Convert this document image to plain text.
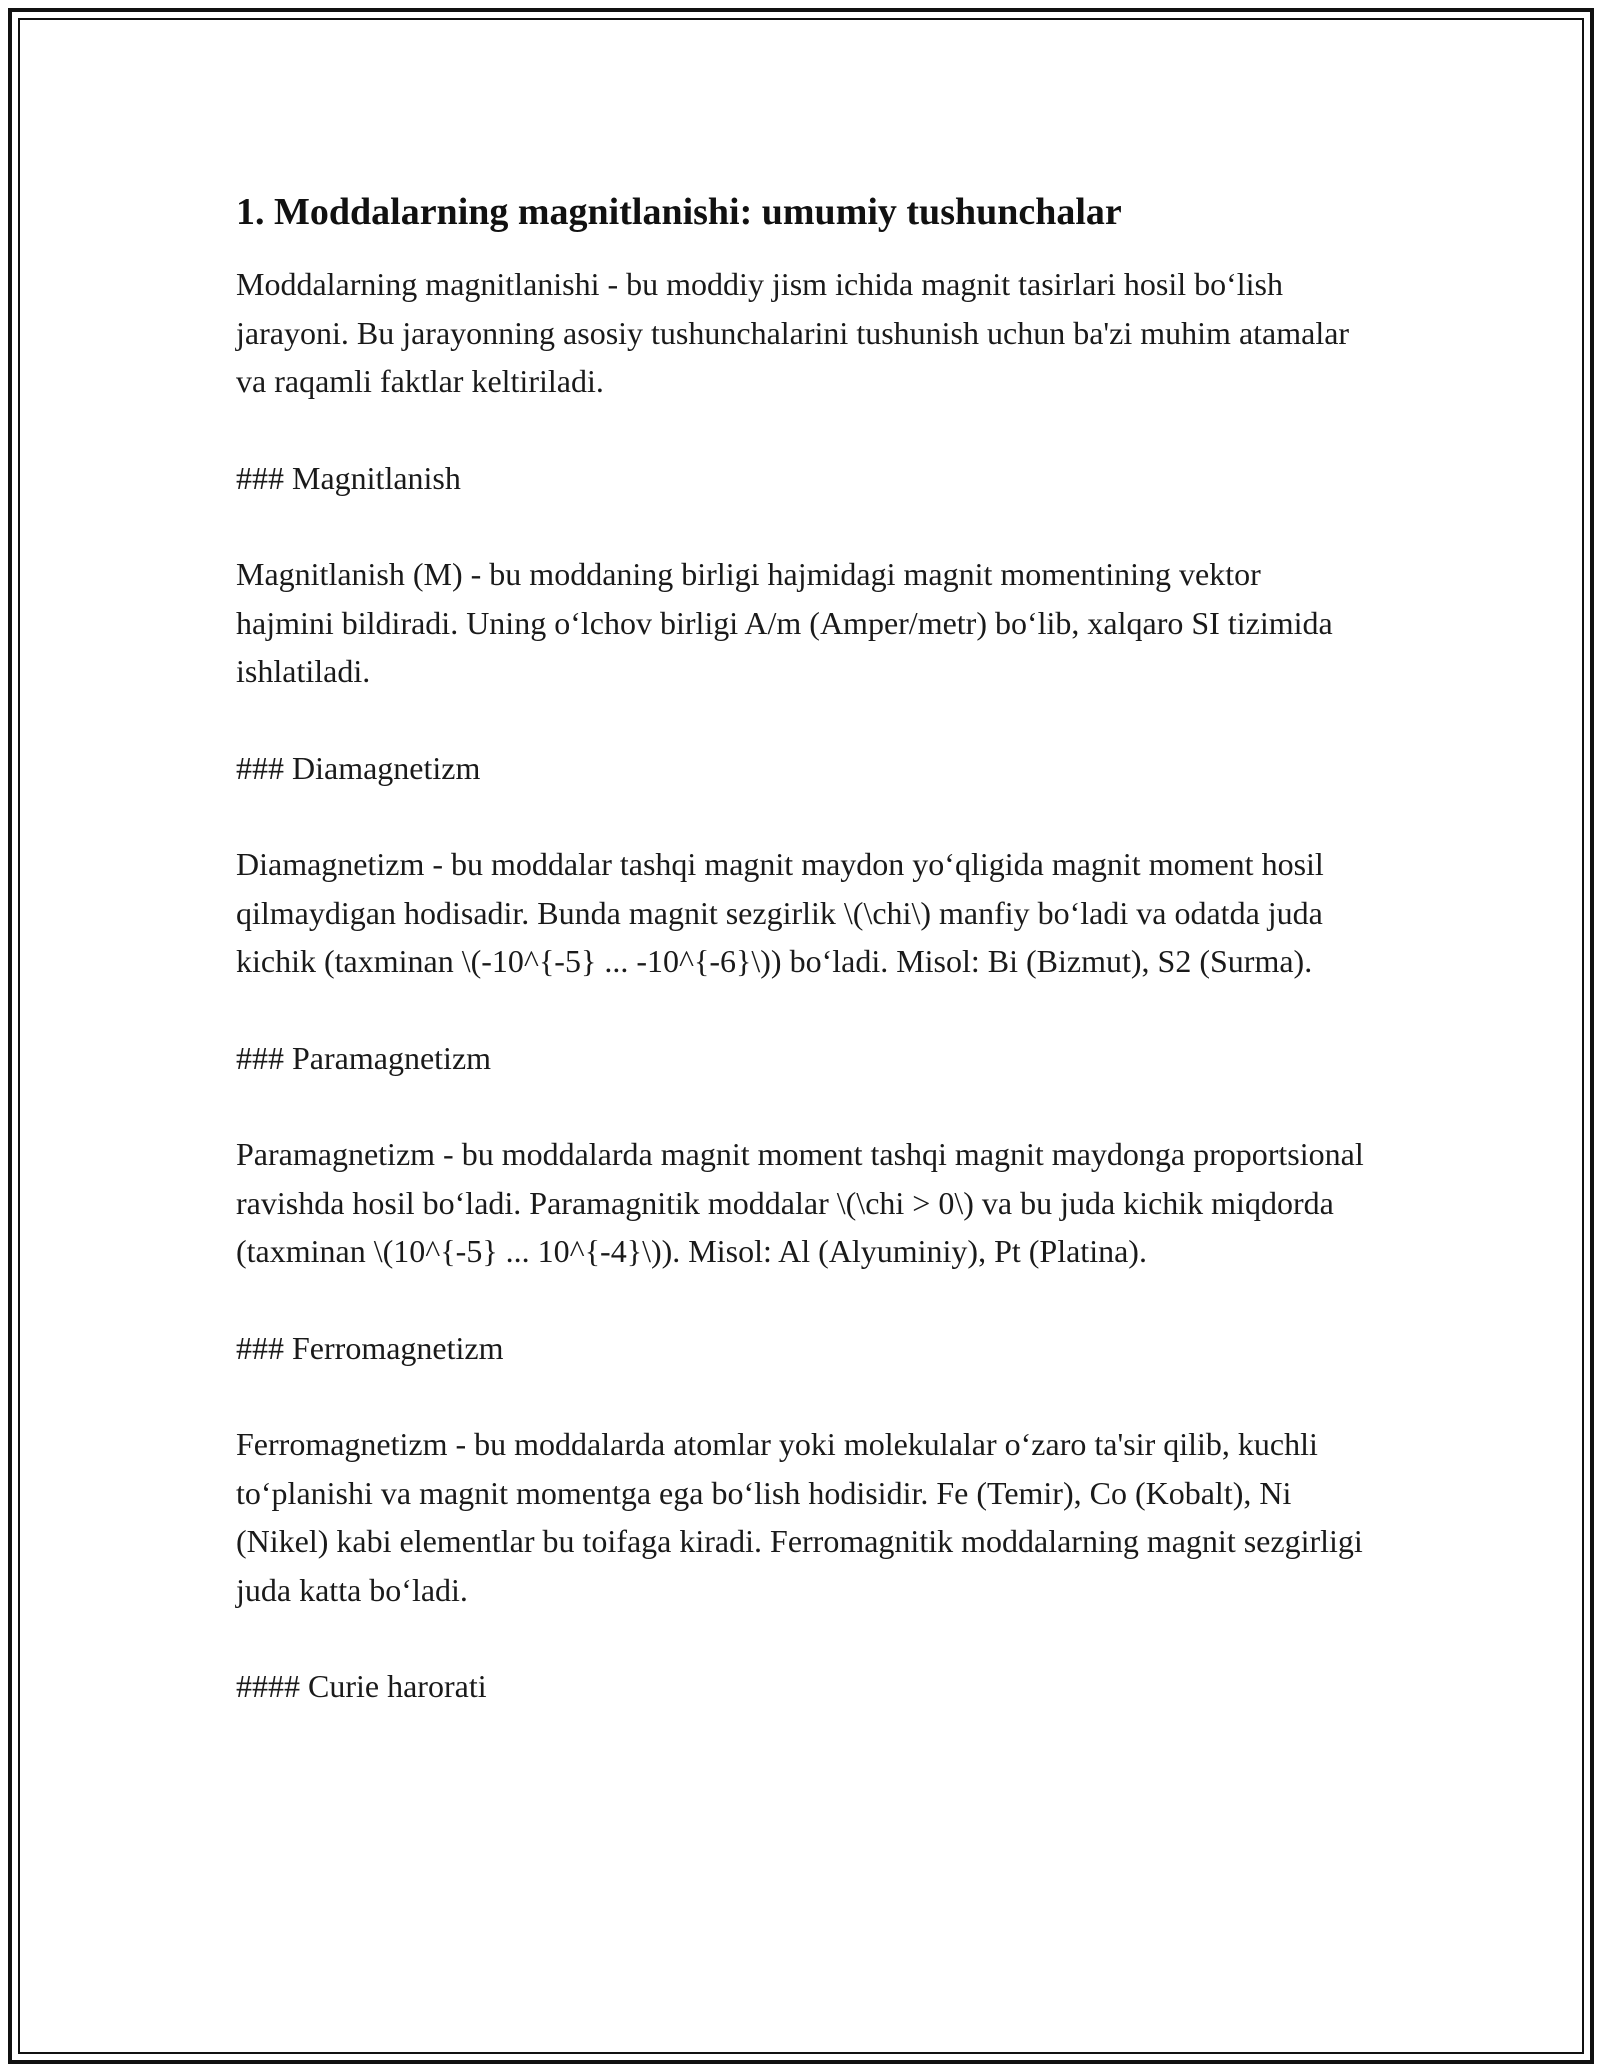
1. Moddalarning magnitlanishi: umumiy tushunchalar

Moddalarning magnitlanishi - bu moddiy jism ichida magnit tasirlari hosil bo‘lish jarayoni. Bu jarayonning asosiy tushunchalarini tushunish uchun ba'zi muhim atamalar va raqamli faktlar keltiriladi.

### Magnitlanish

Magnitlanish (M) - bu moddaning birligi hajmidagi magnit momentining vektor hajmini bildiradi. Uning o‘lchov birligi A/m (Amper/metr) bo‘lib, xalqaro SI tizimida ishlatiladi.

### Diamagnetizm

Diamagnetizm - bu moddalar tashqi magnit maydon yo‘qligida magnit moment hosil qilmaydigan hodisadir. Bunda magnit sezgirlik \(\chi\) manfiy bo‘ladi va odatda juda kichik (taxminan \(-10^{-5} ... -10^{-6}\)) bo‘ladi. Misol: Bi (Bizmut), S2 (Surma).

### Paramagnetizm

Paramagnetizm - bu moddalarda magnit moment tashqi magnit maydonga proportsional ravishda hosil bo‘ladi. Paramagnitik moddalar \(\chi > 0\) va bu juda kichik miqdorda (taxminan \(10^{-5} ... 10^{-4}\)). Misol: Al (Alyuminiy), Pt (Platina).

### Ferromagnetizm

Ferromagnetizm - bu moddalarda atomlar yoki molekulalar o‘zaro ta'sir qilib, kuchli to‘planishi va magnit momentga ega bo‘lish hodisidir. Fe (Temir), Co (Kobalt), Ni (Nikel) kabi elementlar bu toifaga kiradi. Ferromagnitik moddalarning magnit sezgirligi juda katta bo‘ladi.

#### Curie harorati
